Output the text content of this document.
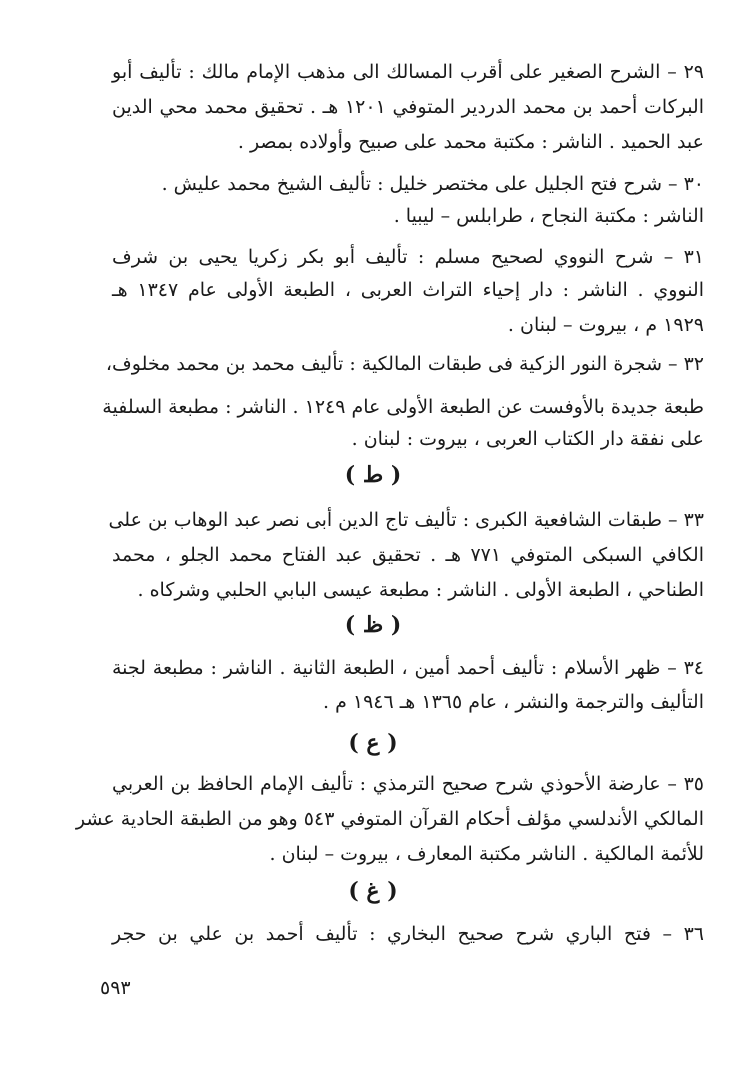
٢٩ – الشرح الصغير على أقرب المسالك الى مذهب الإمام مالك : تأليف أبو
البركات أحمد بن محمد الدردير المتوفي ١٢٠١ هـ . تحقيق محمد محي الدين
عبد الحميد . الناشر : مكتبة محمد على صبيح وأولاده بمصر .
٣٠ – شرح فتح الجليل على مختصر خليل : تأليف الشيخ محمد عليش .
الناشر : مكتبة النجاح ، طرابلس – ليبيا .
٣١ – شرح النووي لصحيح مسلم : تأليف أبو بكر زكريا يحيى بن شرف
النووي . الناشر : دار إحياء التراث العربى ، الطبعة الأولى عام ١٣٤٧ هـ
١٩٢٩ م ، بيروت – لبنان .
٣٢ – شجرة النور الزكية فى طبقات المالكية : تأليف محمد بن محمد مخلوف،
طبعة جديدة بالأوفست عن الطبعة الأولى عام ١٢٤٩ . الناشر : مطبعة السلفية
على نفقة دار الكتاب العربى ، بيروت : لبنان .
( ط )
٣٣ – طبقات الشافعية الكبرى : تأليف تاج الدين أبى نصر عبد الوهاب بن على
الكافي السبكى المتوفي ٧٧١ هـ . تحقيق عبد الفتاح محمد الجلو ، محمد
الطناحي ، الطبعة الأولى . الناشر : مطبعة عيسى البابي الحلبي وشركاه .
( ظ )
٣٤ – ظهر الأسلام : تأليف أحمد أمين ، الطبعة الثانية . الناشر : مطبعة لجنة
التأليف والترجمة والنشر ، عام ١٣٦٥ هـ ١٩٤٦ م .
( ع )
٣٥ – عارضة الأحوذي شرح صحيح الترمذي : تأليف الإمام الحافظ بن العربي
المالكي الأندلسي مؤلف أحكام القرآن المتوفي ٥٤٣ وهو من الطبقة الحادية عشر
للأئمة المالكية . الناشر مكتبة المعارف ، بيروت – لبنان .
( غ )
٣٦ – فتح الباري شرح صحيح البخاري : تأليف أحمد بن علي بن حجر
٥٩٣
